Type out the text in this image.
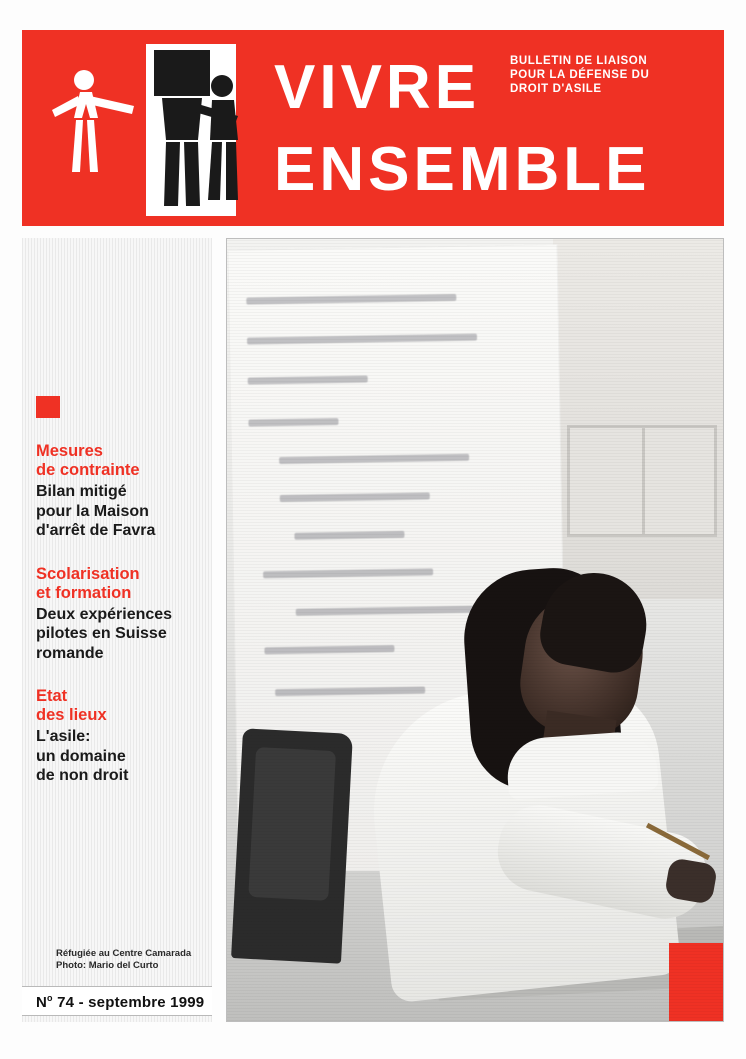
VIVRE
ENSEMBLE
BULLETIN DE LIAISON
POUR LA DÉFENSE DU
DROIT D'ASILE
Mesures
de contrainte
Bilan mitigé
pour la Maison
d'arrêt de Favra
Scolarisation
et formation
Deux expériences
pilotes en Suisse
romande
Etat
des lieux
L'asile:
un domaine
de non droit
Réfugiée au Centre Camarada
Photo: Mario del Curto
$N^o$ 74 - septembre 1999
